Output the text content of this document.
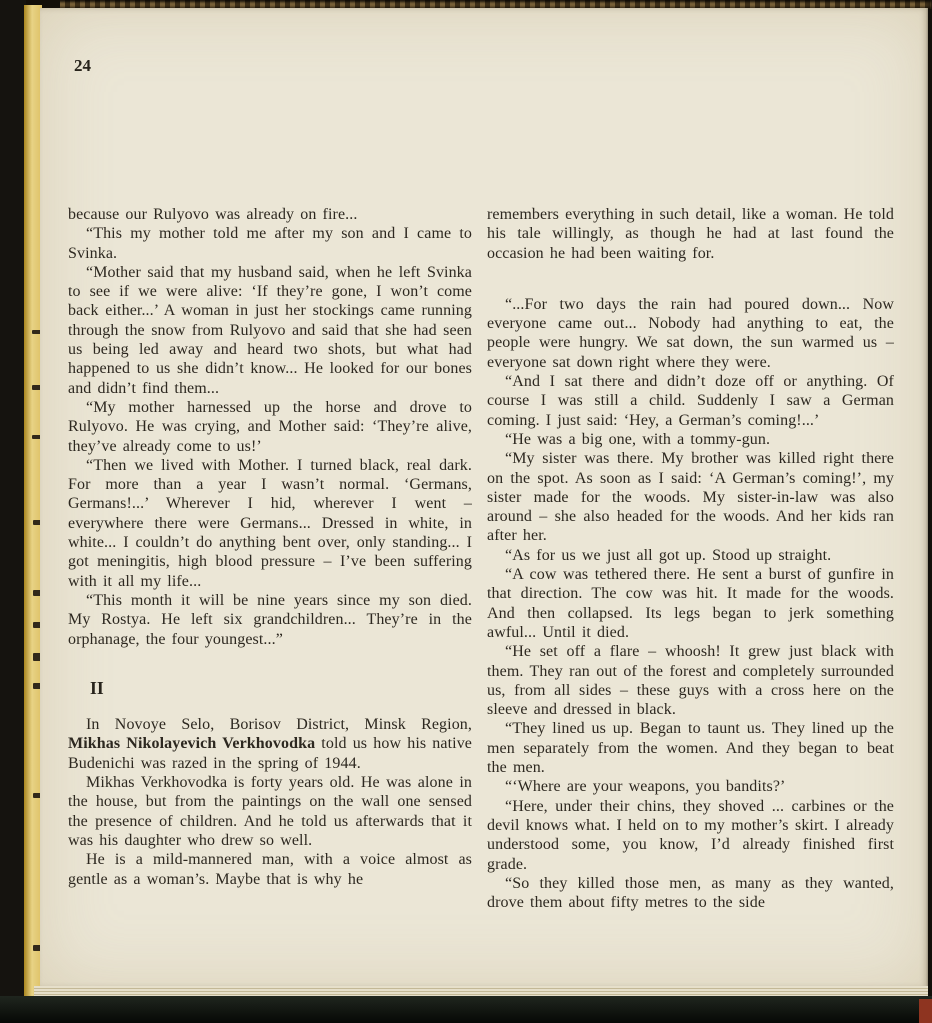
24

because our Rulyovo was already on fire...

“This my mother told me after my son and I came to Svinka.

“Mother said that my husband said, when he left Svinka to see if we were alive: ‘If they’re gone, I won’t come back either...’ A woman in just her stockings came running through the snow from Rulyovo and said that she had seen us being led away and heard two shots, but what had happened to us she didn’t know... He looked for our bones and didn’t find them...

“My mother harnessed up the horse and drove to Rulyovo. He was crying, and Mother said: ‘They’re alive, they’ve already come to us!’

“Then we lived with Mother. I turned black, real dark. For more than a year I wasn’t normal. ‘Germans, Germans!...’ Wherever I hid, wherever I went – everywhere there were Germans... Dressed in white, in white... I couldn’t do anything bent over, only standing... I got meningitis, high blood pressure – I’ve been suffering with it all my life...

“This month it will be nine years since my son died. My Rostya. He left six grandchildren... They’re in the orphanage, the four youngest...”

II

In Novoye Selo, Borisov District, Minsk Region, Mikhas Nikolayevich Verkhovodka told us how his native Budenichi was razed in the spring of 1944.

Mikhas Verkhovodka is forty years old. He was alone in the house, but from the paintings on the wall one sensed the presence of children. And he told us afterwards that it was his daughter who drew so well.

He is a mild-mannered man, with a voice almost as gentle as a woman’s. Maybe that is why he

remembers everything in such detail, like a woman. He told his tale willingly, as though he had at last found the occasion he had been waiting for.

“...For two days the rain had poured down... Now everyone came out... Nobody had anything to eat, the people were hungry. We sat down, the sun warmed us – everyone sat down right where they were.

“And I sat there and didn’t doze off or anything. Of course I was still a child. Suddenly I saw a German coming. I just said: ‘Hey, a German’s coming!...’

“He was a big one, with a tommy-gun.

“My sister was there. My brother was killed right there on the spot. As soon as I said: ‘A German’s coming!’, my sister made for the woods. My sister-in-law was also around – she also headed for the woods. And her kids ran after her.

“As for us we just all got up. Stood up straight.

“A cow was tethered there. He sent a burst of gunfire in that direction. The cow was hit. It made for the woods. And then collapsed. Its legs began to jerk something awful... Until it died.

“He set off a flare – whoosh! It grew just black with them. They ran out of the forest and completely surrounded us, from all sides – these guys with a cross here on the sleeve and dressed in black.

“They lined us up. Began to taunt us. They lined up the men separately from the women. And they began to beat the men.

“‘Where are your weapons, you bandits?’

“Here, under their chins, they shoved ... carbines or the devil knows what. I held on to my mother’s skirt. I already understood some, you know, I’d already finished first grade.

“So they killed those men, as many as they wanted, drove them about fifty metres to the side
